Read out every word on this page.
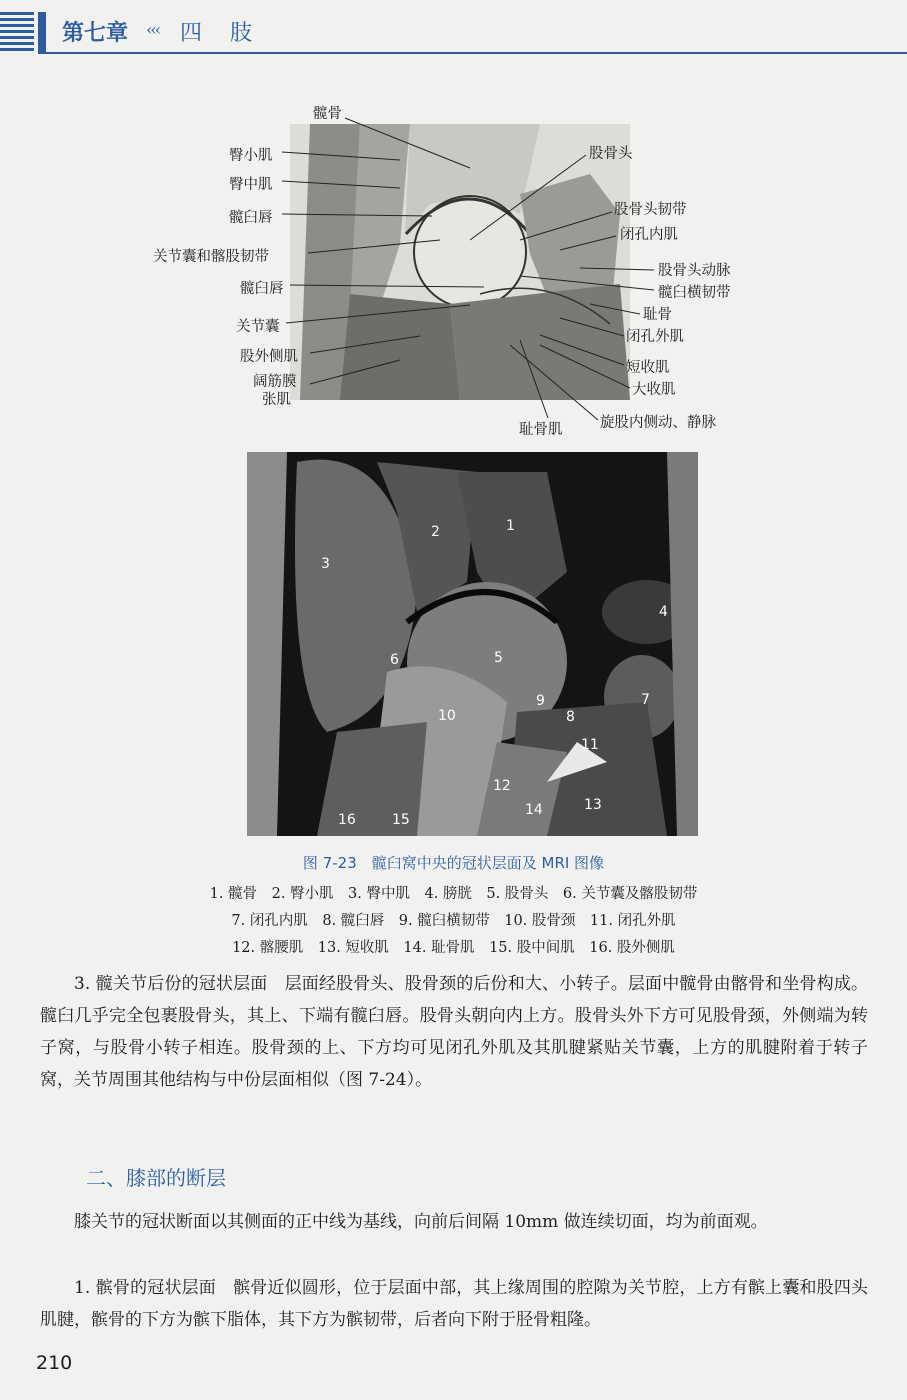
第七章 ‹‹‹ 四肢
髋骨
臀小肌
臀中肌
髋臼唇
关节囊和髂股韧带
髋臼唇
关节囊
股外侧肌
阔筋膜
张肌
耻骨肌
股骨头
股骨头韧带
闭孔内肌
股骨头动脉
髋臼横韧带
耻骨
闭孔外肌
短收肌
大收肌
旋股内侧动、静脉
1
2
3
4
5
6
7
8
9
10
11
12
13
14
15
16
图 7-23　髋臼窝中央的冠状层面及 MRI 图像
1. 髋骨　2. 臀小肌　3. 臀中肌　4. 膀胱　5. 股骨头　6. 关节囊及髂股韧带
7. 闭孔内肌　8. 髋臼唇　9. 髋臼横韧带　10. 股骨颈　11. 闭孔外肌
12. 髂腰肌　13. 短收肌　14. 耻骨肌　15. 股中间肌　16. 股外侧肌

3. 髋关节后份的冠状层面　层面经股骨头、股骨颈的后份和大、小转子。层面中髋骨由髂骨和坐骨构成。髋臼几乎完全包裹股骨头，其上、下端有髋臼唇。股骨头朝向内上方。股骨头外下方可见股骨颈，外侧端为转子窝，与股骨小转子相连。股骨颈的上、下方均可见闭孔外肌及其肌腱紧贴关节囊，上方的肌腱附着于转子窝，关节周围其他结构与中份层面相似（图 7-24）。

二、膝部的断层

膝关节的冠状断面以其侧面的正中线为基线，向前后间隔 10mm 做连续切面，均为前面观。

1. 髌骨的冠状层面　髌骨近似圆形，位于层面中部，其上缘周围的腔隙为关节腔，上方有髌上囊和股四头肌腱，髌骨的下方为髌下脂体，其下方为髌韧带，后者向下附于胫骨粗隆。

210
